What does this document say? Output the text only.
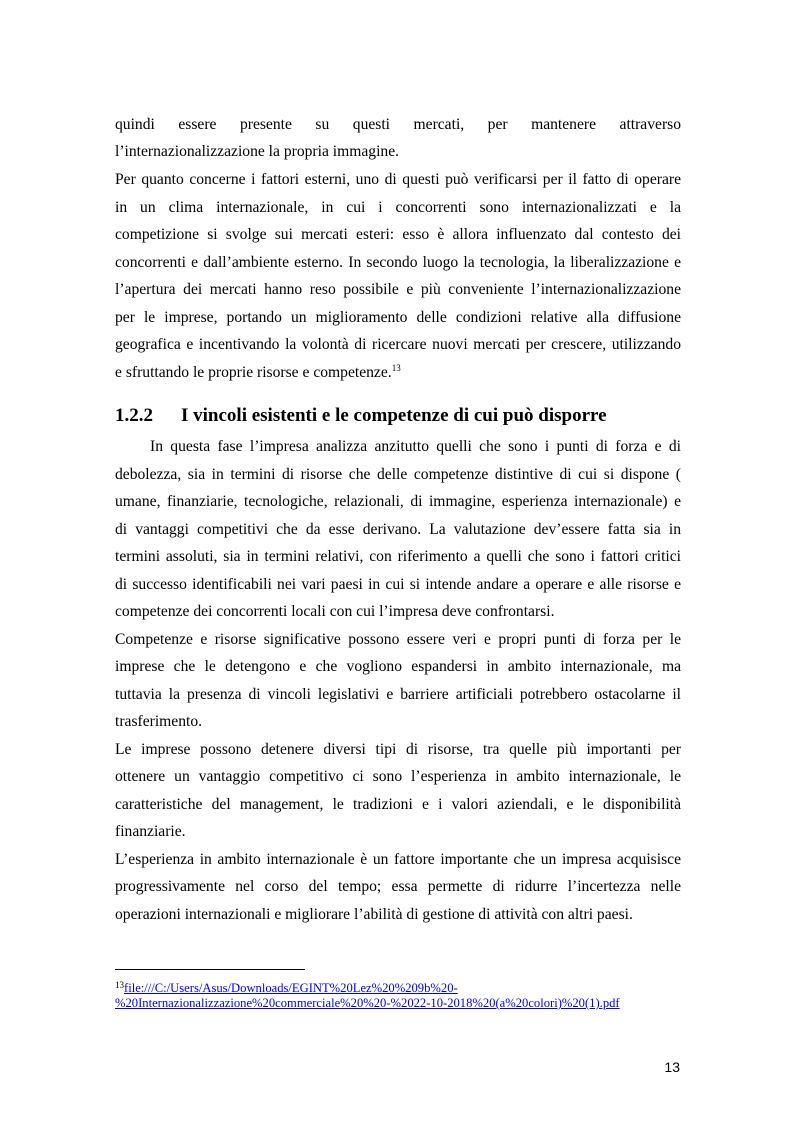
quindi essere presente su questi mercati, per mantenere attraverso
l’internazionalizzazione la propria immagine.
Per quanto concerne i fattori esterni, uno di questi può verificarsi per il fatto di operare
in un clima internazionale, in cui i concorrenti sono internazionalizzati e la
competizione si svolge sui mercati esteri: esso è allora influenzato dal contesto dei
concorrenti e dall’ambiente esterno. In secondo luogo la tecnologia, la liberalizzazione e
l’apertura dei mercati hanno reso possibile e più conveniente l’internazionalizzazione
per le imprese, portando un miglioramento delle condizioni relative alla diffusione
geografica e incentivando la volontà di ricercare nuovi mercati per crescere, utilizzando
e sfruttando le proprie risorse e competenze.$^{13}$
1.2.2 I vincoli esistenti e le competenze di cui può disporre
In questa fase l’impresa analizza anzitutto quelli che sono i punti di forza e di
debolezza, sia in termini di risorse che delle competenze distintive di cui si dispone (
umane, finanziarie, tecnologiche, relazionali, di immagine, esperienza internazionale) e
di vantaggi competitivi che da esse derivano. La valutazione dev’essere fatta sia in
termini assoluti, sia in termini relativi, con riferimento a quelli che sono i fattori critici
di successo identificabili nei vari paesi in cui si intende andare a operare e alle risorse e
competenze dei concorrenti locali con cui l’impresa deve confrontarsi.
Competenze e risorse significative possono essere veri e propri punti di forza per le
imprese che le detengono e che vogliono espandersi in ambito internazionale, ma
tuttavia la presenza di vincoli legislativi e barriere artificiali potrebbero ostacolarne il
trasferimento.
Le imprese possono detenere diversi tipi di risorse, tra quelle più importanti per
ottenere un vantaggio competitivo ci sono l’esperienza in ambito internazionale, le
caratteristiche del management, le tradizioni e i valori aziendali, e le disponibilità
finanziarie.
L’esperienza in ambito internazionale è un fattore importante che un impresa acquisisce
progressivamente nel corso del tempo; essa permette di ridurre l’incertezza nelle
operazioni internazionali e migliorare l’abilità di gestione di attività con altri paesi.
13 file:///C:/Users/Asus/Downloads/EGINT%20Lez%20%209b%20-
%20Internazionalizzazione%20commerciale%20%20-%2022-10-2018%20(a%20colori)%20(1).pdf
13
